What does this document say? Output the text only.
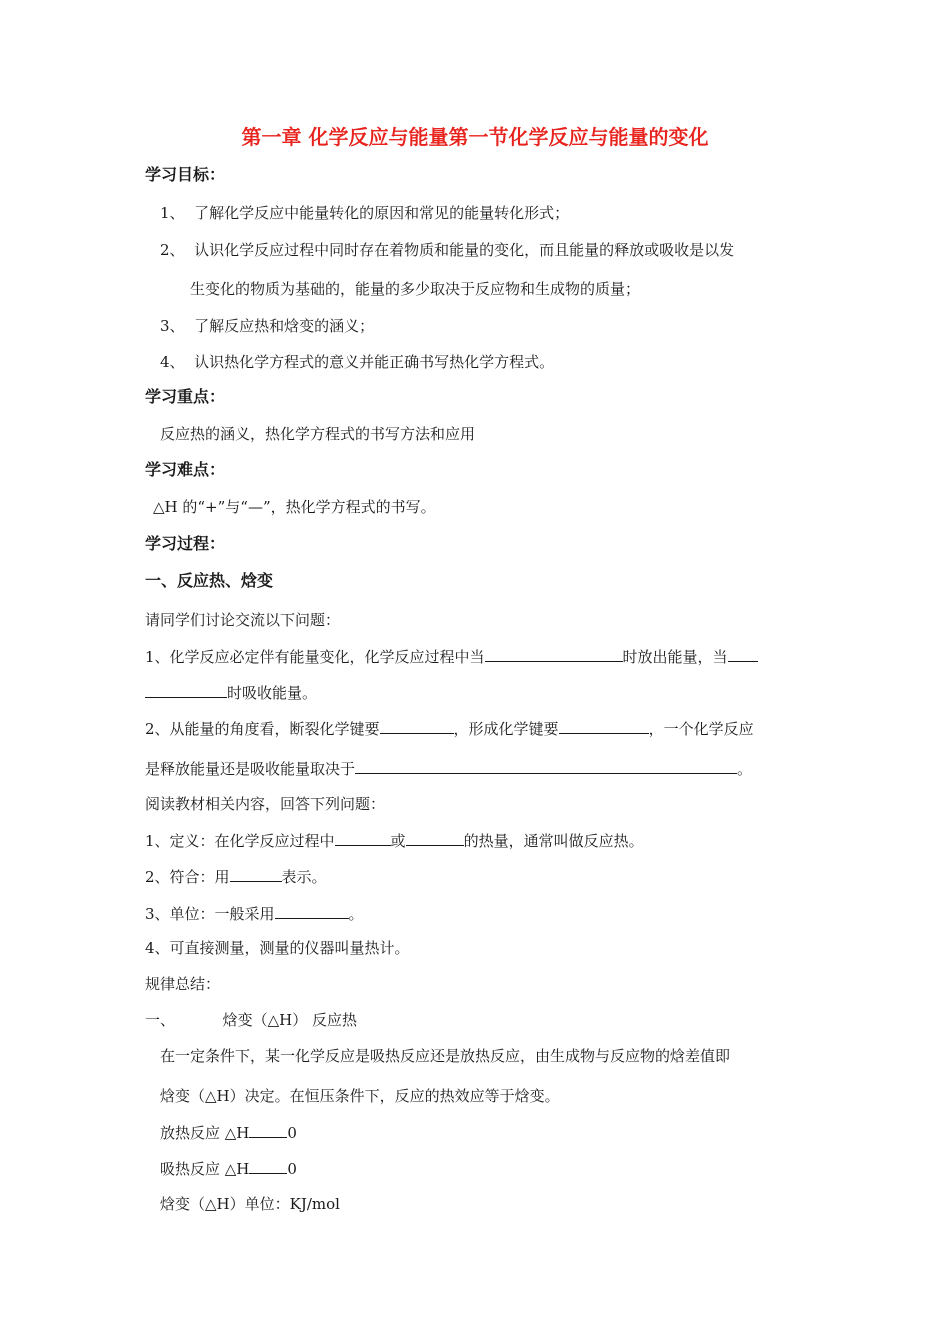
第一章 化学反应与能量第一节化学反应与能量的变化
学习目标：
1、 了解化学反应中能量转化的原因和常见的能量转化形式；
2、 认识化学反应过程中同时存在着物质和能量的变化，而且能量的释放或吸收是以发
生变化的物质为基础的，能量的多少取决于反应物和生成物的质量；
3、 了解反应热和焓变的涵义；
4、 认识热化学方程式的意义并能正确书写热化学方程式。
学习重点：
反应热的涵义，热化学方程式的书写方法和应用
学习难点：
△H 的“+”与“—”，热化学方程式的书写。
学习过程：
一、反应热、焓变
请同学们讨论交流以下问题：
1、化学反应必定伴有能量变化，化学反应过程中当	时放出能量，当
时吸收能量。
2、从能量的角度看，断裂化学键要	，形成化学键要	，一个化学反应
是释放能量还是吸收能量取决于	。
阅读教材相关内容，回答下列问题：
1、定义：在化学反应过程中	或	的热量，通常叫做反应热。
2、符合：用	表示。
3、单位：一般采用	。
4、可直接测量，测量的仪器叫量热计。
规律总结：
一、	焓变（△H） 反应热
在一定条件下，某一化学反应是吸热反应还是放热反应，由生成物与反应物的焓差值即
焓变（△H）决定。在恒压条件下，反应的热效应等于焓变。
放热反应 △H	0
吸热反应 △H	0
焓变（△H）单位：KJ/mol
